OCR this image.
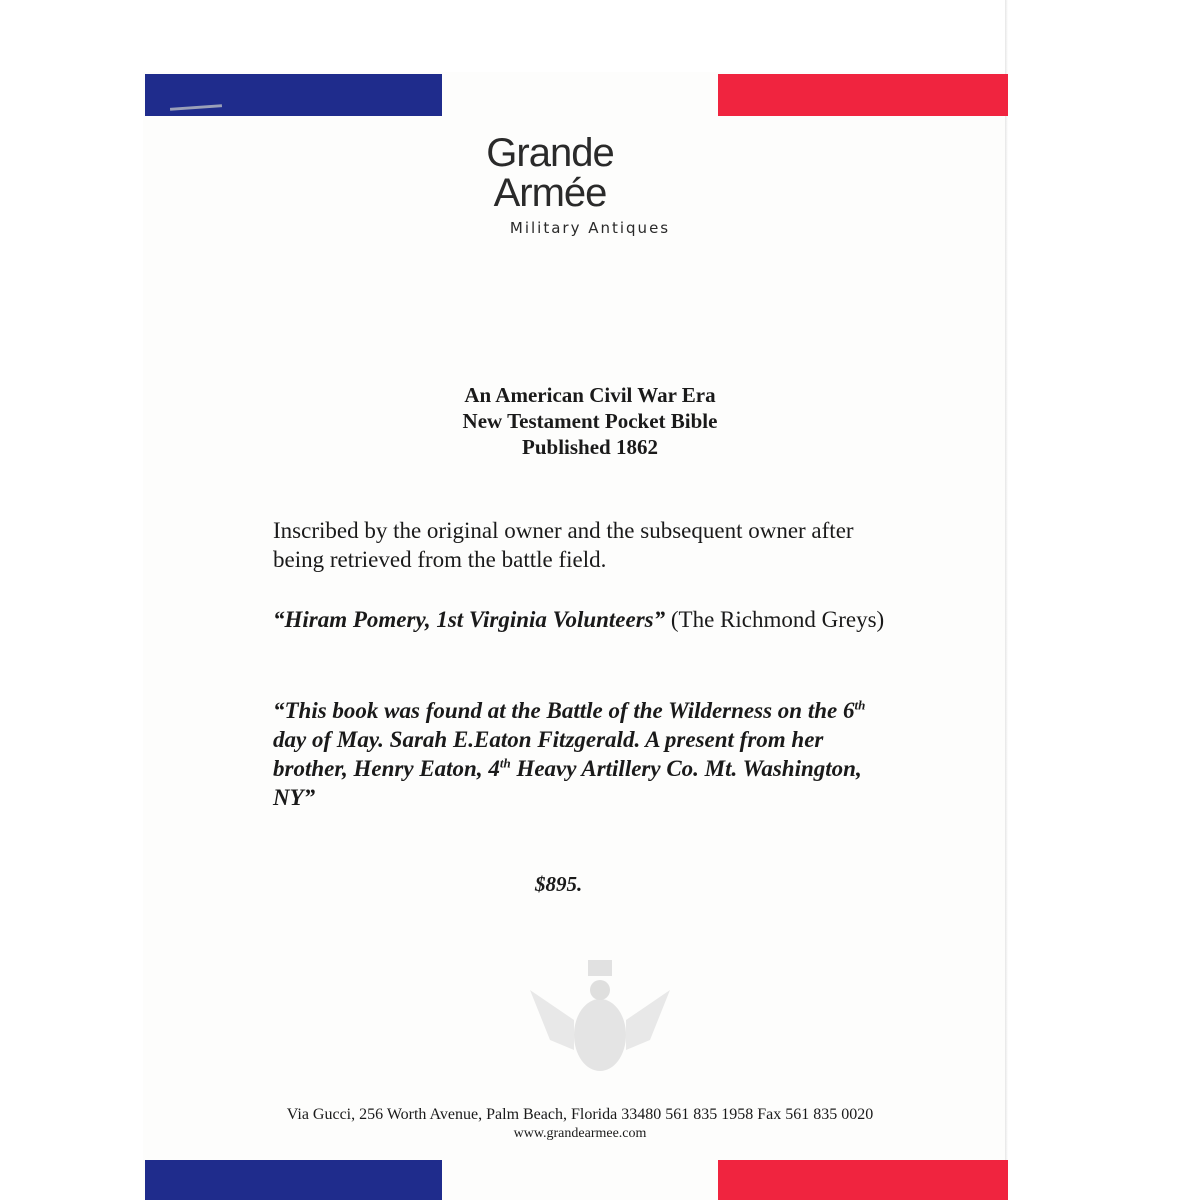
Grande
Armée
Military Antiques
An American Civil War Era
New Testament Pocket Bible
Published 1862
Inscribed by the original owner and the subsequent owner after being retrieved from the battle field.
“Hiram Pomery, 1st Virginia Volunteers” (The Richmond Greys)
“This book was found at the Battle of the Wilderness on the 6th day of May. Sarah E.Eaton Fitzgerald. A present from her brother, Henry Eaton, 4th Heavy Artillery Co. Mt. Washington, NY”
$895.
Via Gucci, 256 Worth Avenue, Palm Beach, Florida 33480 561 835 1958 Fax 561 835 0020
www.grandearmee.com
